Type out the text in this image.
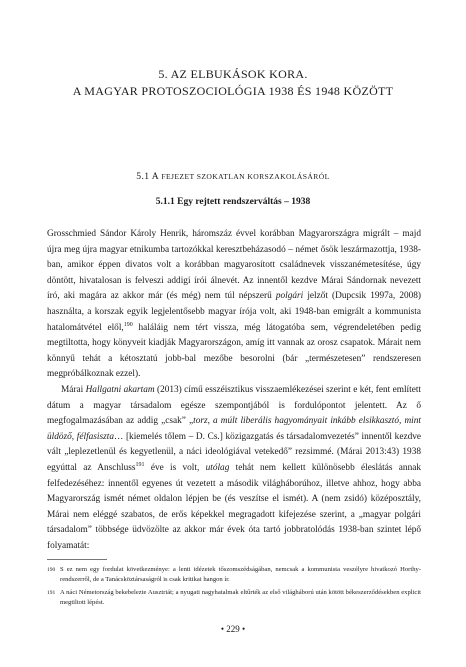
5. AZ ELBUKÁSOK KORA.
A MAGYAR PROTOSZOCIOLÓGIA 1938 ÉS 1948 KÖZÖTT
5.1 A FEJEZET SZOKATLAN KORSZAKOLÁSÁRÓL
5.1.1 Egy rejtett rendszerváltás – 1938

Grosschmied Sándor Károly Henrik, háromszáz évvel korábban Magyarországra migrált – majd újra meg újra magyar etnikumba tartozókkal keresztbeházasodó – német ősök leszármazottja, 1938-ban, amikor éppen divatos volt a korábban magyarosított családnevek visszanémetesítése, úgy döntött, hivatalosan is felveszi addigi írói álnevét. Az innentől kezdve Márai Sándornak nevezett író, aki magára az akkor már (és még) nem túl népszerű polgári jelzőt (Dupcsik 1997a, 2008) használta, a korszak egyik legjelentősebb magyar írója volt, aki 1948-ban emigrált a kommunista hatalomátvétel elől,$^{190}$ haláláig nem tért vissza, még látogatóba sem, végrendeletében pedig megtiltotta, hogy könyveit kiadják Magyarországon, amíg itt vannak az orosz csapatok. Márait nem könnyű tehát a kétosztatú jobb-bal mezőbe besorolni (bár „természetesen” rendszeresen megpróbálkoznak ezzel).

Márai Hallgatni akartam (2013) című esszéisztikus visszaemlékezései szerint e két, fent említett dátum a magyar társadalom egésze szempontjából is fordulópontot jelentett. Az ő megfogalmazásában az addig „csak” „torz, a múlt liberális hagyományait inkább elsikkasztó, mint üldöző, félfasiszta… [kiemelés tőlem – D. Cs.] közigazgatás és társadalomvezetés” innentől kezdve vált „leplezetlenül és kegyetlenül, a náci ideológiával vetekedő” rezsimmé. (Márai 2013:43) 1938 egyúttal az Anschluss$^{191}$ éve is volt, utólag tehát nem kellett különösebb éleslátás annak felfedezéséhez: innentől egyenes út vezetett a második világháborúhoz, illetve ahhoz, hogy abba Magyarország ismét német oldalon lépjen be (és veszítse el ismét). A (nem zsidó) középosztály, Márai nem eléggé szabatos, de erős képekkel megragadott kifejezése szerint, a „magyar polgári társadalom” többsége üdvözölte az akkor már évek óta tartó jobbratolódás 1938-ban szintet lépő folyamatát:

190 S ez nem egy fordulat következménye: a lenti idézetek tőszomszédságában, nemcsak a kommunista veszélyre hivatkozó Horthy-rendszerről, de a Tanácsköztársaságról is csak kritikai hangon ír.
191 A náci Németország bekebelezte Ausztriát; a nyugati nagyhatalmak eltűrték az első világháború után kötött békeszerződésekben explicit megtiltott lépést.
• 229 •
